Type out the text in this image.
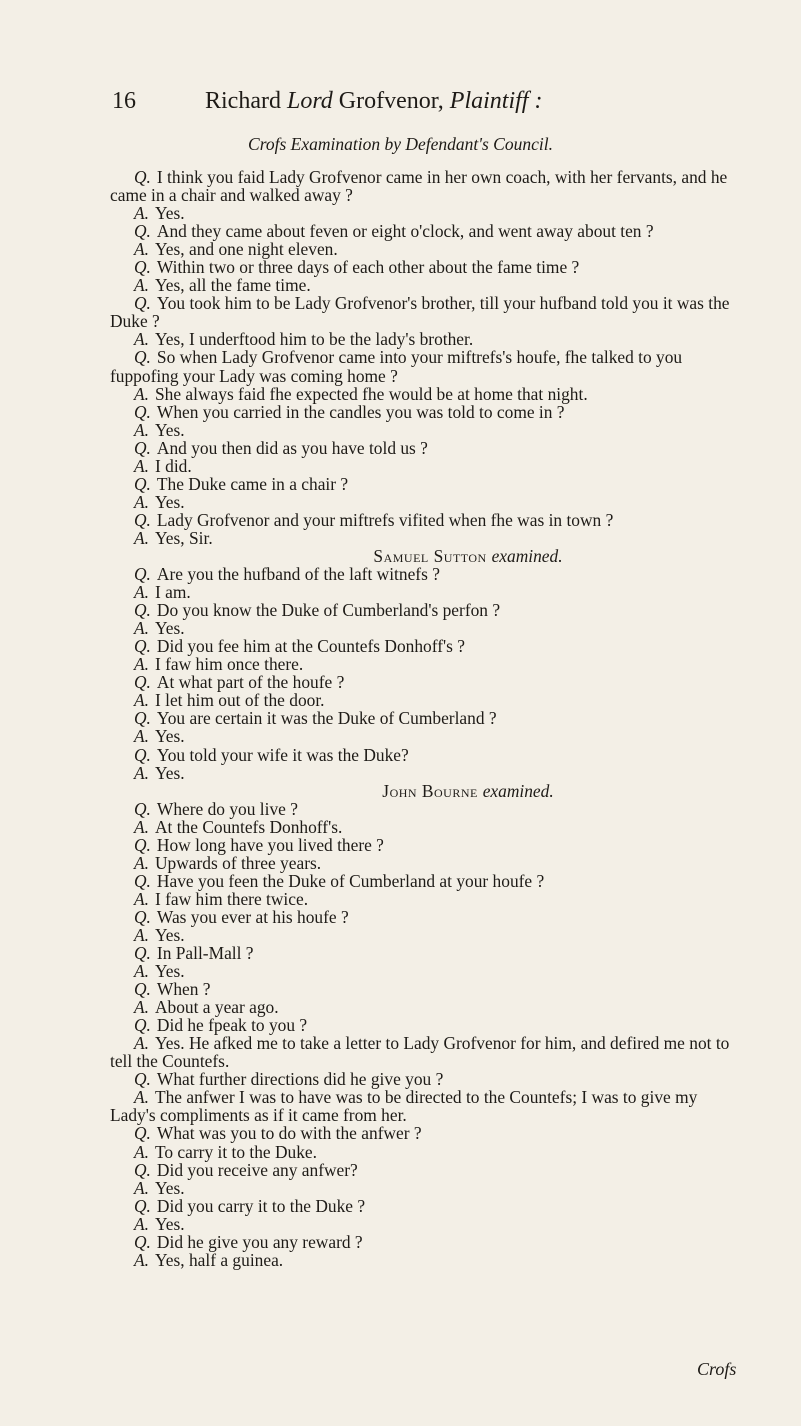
16	Richard Lord Grofvenor, Plaintiff :
Crofs Examination by Defendant's Council.

Q. I think you faid Lady Grofvenor came in her own coach, with her fervants, and he came in a chair and walked away ?

A. Yes.

Q. And they came about feven or eight o'clock, and went away about ten ?

A. Yes, and one night eleven.

Q. Within two or three days of each other about the fame time ?

A. Yes, all the fame time.

Q. You took him to be Lady Grofvenor's brother, till your hufband told you it was the Duke ?

A. Yes, I underftood him to be the lady's brother.

Q. So when Lady Grofvenor came into your miftrefs's houfe, fhe talked to you fuppofing your Lady was coming home ?

A. She always faid fhe expected fhe would be at home that night.

Q. When you carried in the candles you was told to come in ?

A. Yes.

Q. And you then did as you have told us ?

A. I did.

Q. The Duke came in a chair ?

A. Yes.

Q. Lady Grofvenor and your miftrefs vifited when fhe was in town ?

A. Yes, Sir.

Samuel Sutton examined.

Q. Are you the hufband of the laft witnefs ?

A. I am.

Q. Do you know the Duke of Cumberland's perfon ?

A. Yes.

Q. Did you fee him at the Countefs Donhoff's ?

A. I faw him once there.

Q. At what part of the houfe ?

A. I let him out of the door.

Q. You are certain it was the Duke of Cumberland ?

A. Yes.

Q. You told your wife it was the Duke?

A. Yes.

John Bourne examined.

Q. Where do you live ?

A. At the Countefs Donhoff's.

Q. How long have you lived there ?

A. Upwards of three years.

Q. Have you feen the Duke of Cumberland at your houfe ?

A. I faw him there twice.

Q. Was you ever at his houfe ?

A. Yes.

Q. In Pall-Mall ?

A. Yes.

Q. When ?

A. About a year ago.

Q. Did he fpeak to you ?

A. Yes. He afked me to take a letter to Lady Grofvenor for him, and defired me not to tell the Countefs.

Q. What further directions did he give you ?

A. The anfwer I was to have was to be directed to the Countefs; I was to give my Lady's compliments as if it came from her.

Q. What was you to do with the anfwer ?

A. To carry it to the Duke.

Q. Did you receive any anfwer?

A. Yes.

Q. Did you carry it to the Duke ?

A. Yes.

Q. Did he give you any reward ?

A. Yes, half a guinea.

Crofs
